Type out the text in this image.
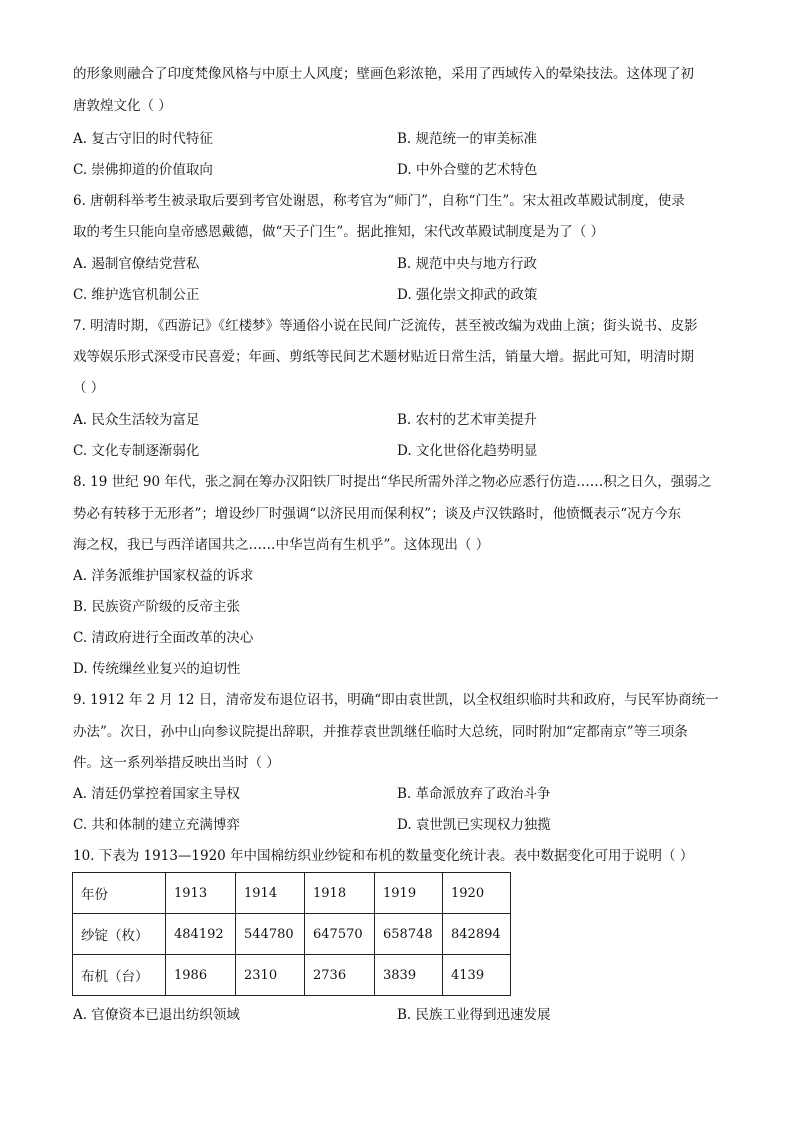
的形象则融合了印度梵像风格与中原士人风度；壁画色彩浓艳，采用了西域传入的晕染技法。这体现了初
唐敦煌文化（ ）
A. 复古守旧的时代特征	B. 规范统一的审美标准
C. 崇佛抑道的价值取向	D. 中外合璧的艺术特色
6. 唐朝科举考生被录取后要到考官处谢恩，称考官为“师门”，自称“门生”。宋太祖改革殿试制度，使录
取的考生只能向皇帝感恩戴德，做“天子门生”。据此推知，宋代改革殿试制度是为了（ ）
A. 遏制官僚结党营私	B. 规范中央与地方行政
C. 维护选官机制公正	D. 强化崇文抑武的政策
7. 明清时期，《西游记》《红楼梦》等通俗小说在民间广泛流传，甚至被改编为戏曲上演；街头说书、皮影
戏等娱乐形式深受市民喜爱；年画、剪纸等民间艺术题材贴近日常生活，销量大增。据此可知，明清时期
（ ）
A. 民众生活较为富足	B. 农村的艺术审美提升
C. 文化专制逐渐弱化	D. 文化世俗化趋势明显
8. 19 世纪 90 年代，张之洞在筹办汉阳铁厂时提出“华民所需外洋之物必应悉行仿造……积之日久，强弱之
势必有转移于无形者”；增设纱厂时强调“以济民用而保利权”；谈及卢汉铁路时，他愤慨表示“况方今东
海之权，我已与西洋诸国共之……中华岂尚有生机乎”。这体现出（ ）
A. 洋务派维护国家权益的诉求
B. 民族资产阶级的反帝主张
C. 清政府进行全面改革的决心
D. 传统缫丝业复兴的迫切性
9. 1912 年 2 月 12 日，清帝发布退位诏书，明确“即由袁世凯，以全权组织临时共和政府，与民军协商统一
办法”。次日，孙中山向参议院提出辞职，并推荐袁世凯继任临时大总统，同时附加“定都南京”等三项条
件。这一系列举措反映出当时（ ）
A. 清廷仍掌控着国家主导权	B. 革命派放弃了政治斗争
C. 共和体制的建立充满博弈	D. 袁世凯已实现权力独揽
10. 下表为 1913—1920 年中国棉纺织业纱锭和布机的数量变化统计表。表中数据变化可用于说明（ ）
年份	1913	1914	1918	1919	1920
纱锭（枚）	484192	544780	647570	658748	842894
布机（台）	1986	2310	2736	3839	4139
A. 官僚资本已退出纺织领域	B. 民族工业得到迅速发展
